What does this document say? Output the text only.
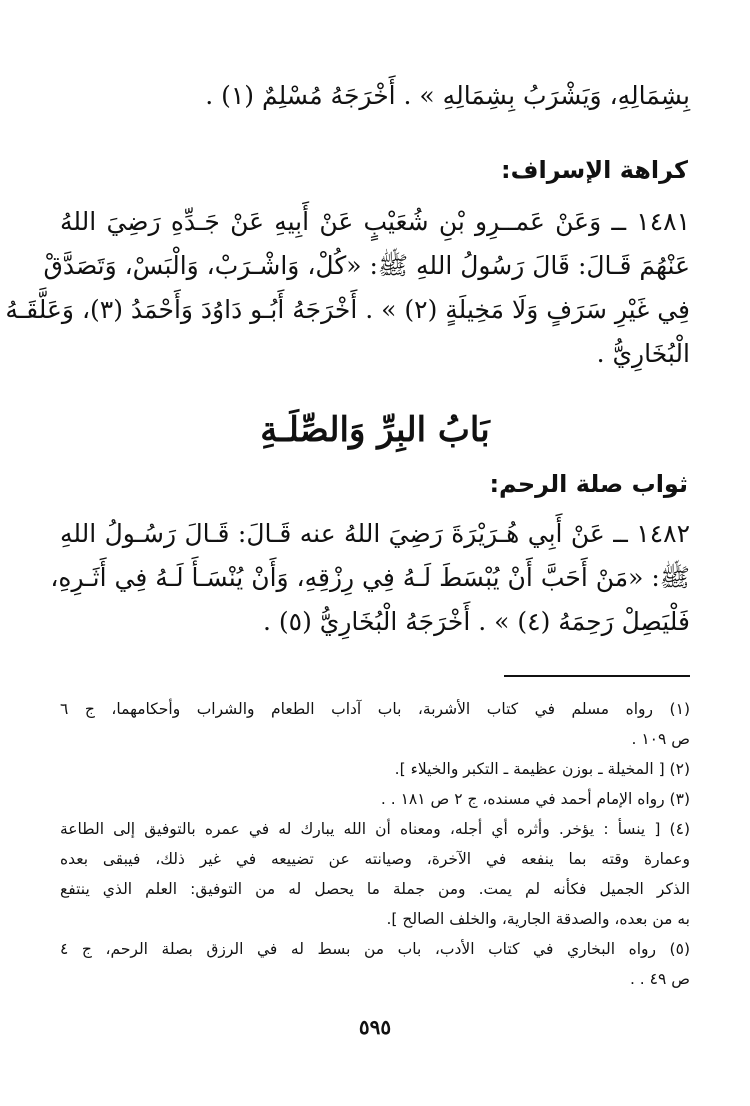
بِشِمَالِهِ، وَيَشْرَبُ بِشِمَالِهِ » . أَخْرَجَهُ مُسْلِمٌ (١) .
كراهة الإسراف:
١٤٨١ ــ وَعَنْ عَمــرِو بْنِ شُعَيْبٍ عَنْ أَبِيهِ عَنْ جَـدِّهِ رَضِيَ اللهُ
عَنْهُمَ قَـالَ: قَالَ رَسُولُ اللهِ ﷺ: «كُلْ، وَاشْـرَبْ، وَالْبَسْ، وَتَصَدَّقْ
فِي غَيْرِ سَرَفٍ وَلَا مَخِيلَةٍ (٢) » . أَخْرَجَهُ أَبُـو دَاوُدَ وَأَحْمَدُ (٣)، وَعَلَّقَـهُ
الْبُخَارِيُّ .
بَابُ البِرِّ وَالصِّلَـةِ
ثواب صلة الرحم:
١٤٨٢ ــ عَنْ أَبِي هُـرَيْرَةَ رَضِيَ اللهُ عنه قَـالَ: قَـالَ رَسُـولُ اللهِ
ﷺ: «مَنْ أَحَبَّ أَنْ يُبْسَطَ لَـهُ فِي رِزْقِهِ، وَأَنْ يُنْسَـأَ لَـهُ فِي أَثَـرِهِ،
فَلْيَصِلْ رَحِمَهُ (٤) » . أَخْرَجَهُ الْبُخَارِيُّ (٥) .
(١) رواه مسلم في كتاب الأشربة، باب آداب الطعام والشراب وأحكامهما، ج ٦
ص ١٠٩ .
(٢) [ المخيلة ـ بوزن عظيمة ـ التكبر والخيلاء ].
(٣) رواه الإمام أحمد في مسنده، ج ٢ ص ١٨١ . .
(٤) [ ينسأ : يؤخر. وأثره أي أجله، ومعناه أن الله يبارك له في عمره بالتوفيق إلى الطاعة
وعمارة وقته بما ينفعه في الآخرة، وصيانته عن تضييعه في غير ذلك، فيبقى بعده
الذكر الجميل فكأنه لم يمت. ومن جملة ما يحصل له من التوفيق: العلم الذي ينتفع
به من بعده، والصدقة الجارية، والخلف الصالح ].
(٥) رواه البخاري في كتاب الأدب، باب من بسط له في الرزق بصلة الرحم، ج ٤
ص ٤٩ . .
٥٩٥
